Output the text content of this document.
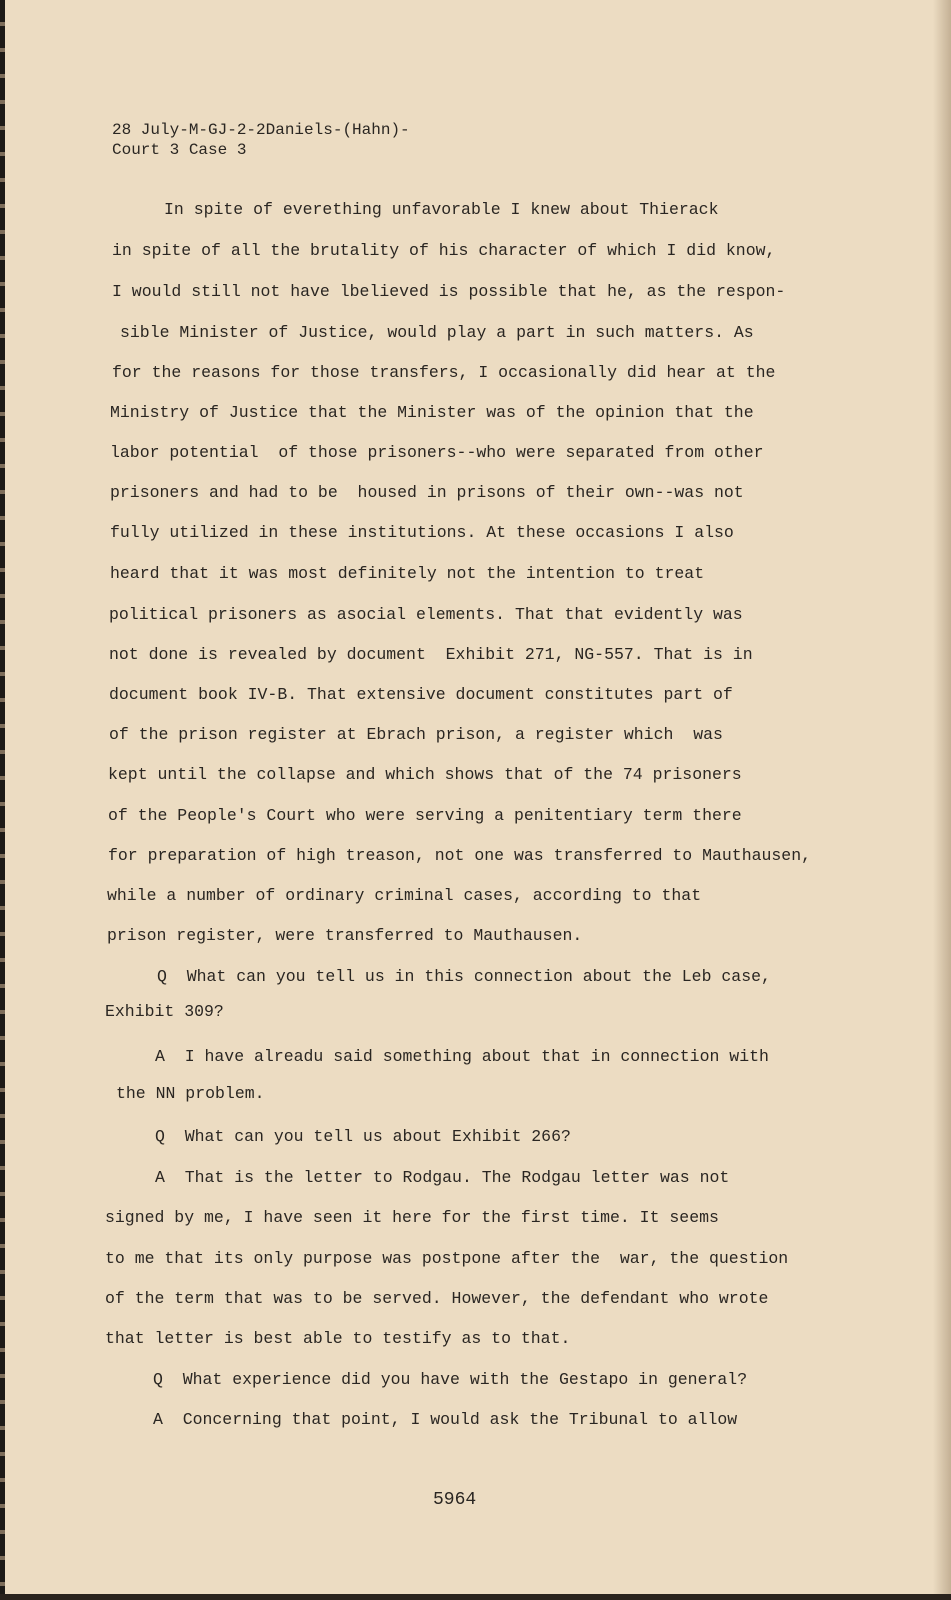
28 July-M-GJ-2-2Daniels-(Hahn)-
Court 3 Case 3
In spite of everething unfavorable I knew about Thierack
in spite of all the brutality of his character of which I did know,
I would still not have lbelieved is possible that he, as the respon-
sible Minister of Justice, would play a part in such matters. As
for the reasons for those transfers, I occasionally did hear at the
Ministry of Justice that the Minister was of the opinion that the
labor potential  of those prisoners--who were separated from other
prisoners and had to be  housed in prisons of their own--was not
fully utilized in these institutions. At these occasions I also
heard that it was most definitely not the intention to treat
political prisoners as asocial elements. That that evidently was
not done is revealed by document  Exhibit 271, NG-557. That is in
document book IV-B. That extensive document constitutes part of
of the prison register at Ebrach prison, a register which  was
kept until the collapse and which shows that of the 74 prisoners
of the People's Court who were serving a penitentiary term there
for preparation of high treason, not one was transferred to Mauthausen,
while a number of ordinary criminal cases, according to that
prison register, were transferred to Mauthausen.
Q  What can you tell us in this connection about the Leb case,
Exhibit 309?
A  I have alreadu said something about that in connection with
the NN problem.
Q  What can you tell us about Exhibit 266?
A  That is the letter to Rodgau. The Rodgau letter was not
signed by me, I have seen it here for the first time. It seems
to me that its only purpose was postpone after the  war, the question
of the term that was to be served. However, the defendant who wrote
that letter is best able to testify as to that.
Q  What experience did you have with the Gestapo in general?
A  Concerning that point, I would ask the Tribunal to allow
5964
